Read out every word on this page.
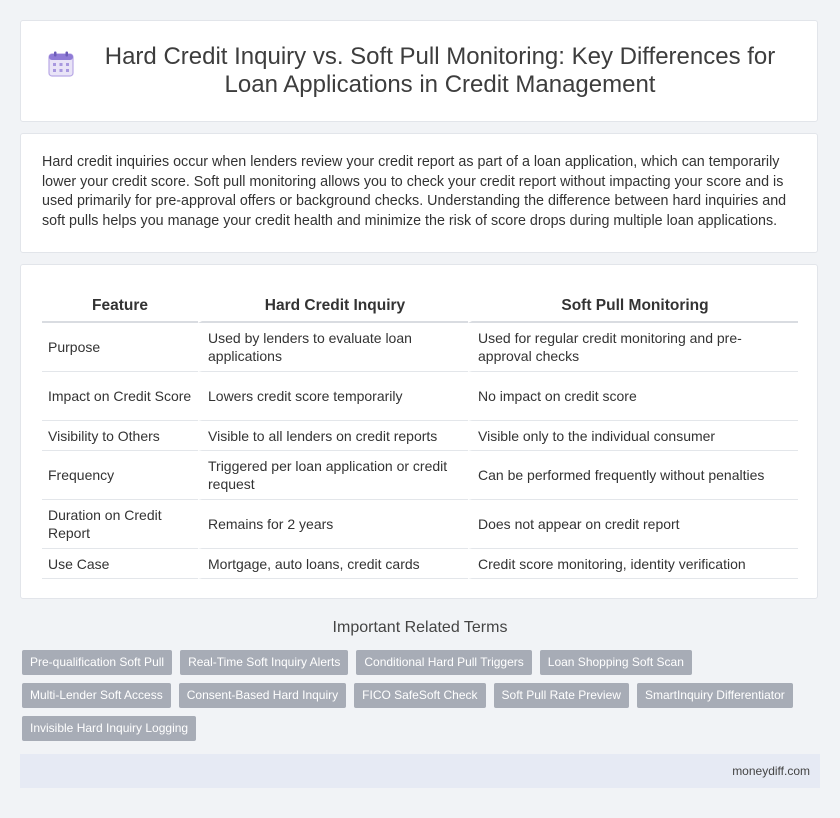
Hard Credit Inquiry vs. Soft Pull Monitoring: Key Differences for Loan Applications in Credit Management

Hard credit inquiries occur when lenders review your credit report as part of a loan application, which can temporarily lower your credit score. Soft pull monitoring allows you to check your credit report without impacting your score and is used primarily for pre-approval offers or background checks. Understanding the difference between hard inquiries and soft pulls helps you manage your credit health and minimize the risk of score drops during multiple loan applications.

Feature	Hard Credit Inquiry	Soft Pull Monitoring
Purpose	Used by lenders to evaluate loan applications	Used for regular credit monitoring and pre-approval checks
Impact on Credit Score	Lowers credit score temporarily	No impact on credit score
Visibility to Others	Visible to all lenders on credit reports	Visible only to the individual consumer
Frequency	Triggered per loan application or credit request	Can be performed frequently without penalties
Duration on Credit Report	Remains for 2 years	Does not appear on credit report
Use Case	Mortgage, auto loans, credit cards	Credit score monitoring, identity verification
Important Related Terms
Pre-qualification Soft Pull	Real-Time Soft Inquiry Alerts	Conditional Hard Pull Triggers	Loan Shopping Soft Scan
Multi-Lender Soft Access	Consent-Based Hard Inquiry	FICO SafeSoft Check	Soft Pull Rate Preview	SmartInquiry Differentiator
Invisible Hard Inquiry Logging
moneydiff.com
